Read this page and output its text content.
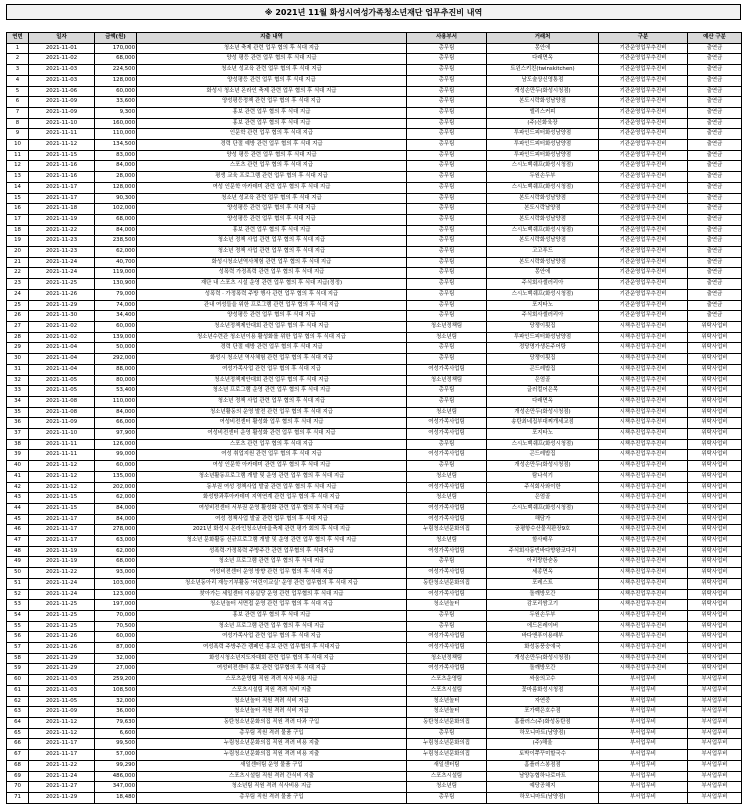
※ 2021년 11월 화성시여성가족청소년재단 업무추진비 내역
연번	일자	금액(원)	지출 내역	사용부서	거래처	구분	예산 구분
1	2021-11-01	170,000	청소년 축제 관련 업무 협의 후 식대 지급	총무팀	몽안에	기관운영업무추진비	출연금
2	2021-11-02	68,000	양성 평등 관련 업무 협의 후 식대 지급	총무팀	다래면옥	기관운영업무추진비	출연금
3	2021-11-03	224,500	청소년 성교육 관련 업무 협의 후 식대 지급	총무팀	트윈스키친(twinskitchen)	기관운영업무추진비	출연금
4	2021-11-03	128,000	양성평등 관련 업무 협의 후 식대 지급	총무팀	남도술상신영통점	기관운영업무추진비	출연금
5	2021-11-06	60,000	화성시 청소년 온라인 축제 관련 업무 협의 후 식대 지급	총무팀	개성손만두(화성시청점)	기관운영업무추진비	출연금
6	2021-11-09	33,600	양성평등정책 관련 업무 협의 후 식대 지급	총무팀	본도시락화성남양점	기관운영업무추진비	출연금
7	2021-11-09	9,300	홍보 관련 업무 협의 후 식대 지급	총무팀	엘리스커피	기관운영업무추진비	출연금
8	2021-11-10	160,000	홍보 관련 업무 협의 후 식대 지급	총무팀	(주)신화육장	기관운영업무추진비	출연금
9	2021-11-11	110,000	인문학 관련 업무 협의 후 식대 지급	총무팀	투파인드피터화성남양점	기관운영업무추진비	출연금
10	2021-11-12	134,500	경력 단절 예방 관련 업무 협의 후 식대 지급	총무팀	투파인드피터화성남양점	기관운영업무추진비	출연금
11	2021-11-15	83,000	양성 평등 관련 업무 협의 후 식대 지급	총무팀	투파인드피터화성남양점	기관운영업무추진비	출연금
12	2021-11-16	84,000	스포츠 관련 업무 협의 후 식대 지급	총무팀	스시노백쉐프(화성시청점)	기관운영업무추진비	출연금
13	2021-11-16	28,000	평생 교육 프로그램 관련 업무 협의 후 식대 지급	총무팀	두원손두부	기관운영업무추진비	출연금
14	2021-11-17	128,000	여성 인문학 아카데미 관련 업무 협의 후 식대 지급	총무팀	스시노백쉐프(화성시청점)	기관운영업무추진비	출연금
15	2021-11-17	90,300	청소년 성교육 관련 업무 협의 후 식대 지급	총무팀	본도시락화성남양점	기관운영업무추진비	출연금
16	2021-11-18	102,000	양성평등 관련 업무 협의 후 식대 지급	총무팀	본도시락남양점	기관운영업무추진비	출연금
17	2021-11-19	68,000	양성평등 관련 업무 협의 후 식대 지급	총무팀	본도시락화성남양점	기관운영업무추진비	출연금
18	2021-11-22	84,000	홍보 관련 업무 협의 후 식대 지급	총무팀	스시노백쉐프(화성시청점)	기관운영업무추진비	출연금
19	2021-11-23	238,500	청소년 정책 사업 관련 업무 협의 후 식대 지급	총무팀	본도시락화성남양점	기관운영업무추진비	출연금
20	2021-11-23	62,000	청소년 정책 사업 관련 업무 협의 후 식대 지급	총무팀	고고푸드	기관운영업무추진비	출연금
21	2021-11-24	40,700	화성시청소년역사체험 관련 업무 협의 후 식대 지급	총무팀	본도시락화성남양점	기관운영업무추진비	출연금
22	2021-11-24	119,000	성폭력 가정폭력 관련 업무 협의 후 식대 지급	총무팀	몽안에	기관운영업무추진비	출연금
23	2021-11-25	130,900	재단 내 스포츠 시설 운영 관련 업무 협의 후 식대 지급(정정)	총무팀	주식회사셀러리아	기관운영업무추진비	출연금
24	2021-11-26	79,000	성폭력 · 가정폭력 주방 행사 관련 업무 협의 후 식대 지급	총무팀	스시노백쉐프(화성시청점)	기관운영업무추진비	출연금
25	2021-11-29	74,000	관내 여성들을 위한 프로그램 관련 업무 협의 후 식대 지급	총무팀	포지타노	기관운영업무추진비	출연금
26	2021-11-30	34,400	양성평등 관련 업무 협의 후 식대 지급	총무팀	주식회사셀러리아	기관운영업무추진비	출연금
27	2021-11-02	60,000	청소년정책제안대회 관련 업무 협의 후 식대 지급	청소년정책팀	당쟁이횟집	시책추진업무추진비	위탁사업비
28	2021-11-02	139,000	청소년수련관 청소년이용 활성화를 위한 업무 협의 후 식대 지급	청소년팀	투파인드피터화성남양점	시책추진업무추진비	위탁사업비
29	2021-11-04	50,000	경력 단절 예방 관련 업무 협의 후 식대 지급	총무팀	정당명가생돈주어탕	시책추진업무추진비	위탁사업비
30	2021-11-04	292,000	화성시 청소년 역사체험 관련 업무 협의 후 식대 지급	총무팀	당쟁이횟집	시책추진업무추진비	위탁사업비
31	2021-11-04	88,000	여성가족사업 관련 업무 협의 후 식대 지급	여성가족사업팀	곤드레밥집	시책추진업무추진비	위탁사업비
32	2021-11-05	80,000	청소년정책제안대회 관련 업무 협의 후 식대 지급	청소년정책팀	은엄골	시책추진업무추진비	위탁사업비
33	2021-11-05	53,400	청소년 프로그램 운영 관련 업무 협의 후 식대 지급	총무팀	글러컬어은목	시책추진업무추진비	위탁사업비
34	2021-11-08	110,000	청소년 정책 사업 관련 업무 협의 후 식대 지급	총무팀	다래면옥	시책추진업무추진비	위탁사업비
35	2021-11-08	84,000	청소년활동의 운영 발전 관련 업무 협의 후 식대 지급	청소년팀	개성손만두(화성시청점)	시책추진업무추진비	위탁사업비
36	2021-11-09	66,000	여성비전센터 활성화 업무 협의 후 식대 지급	여성가족사업팀	송탄최네집부대찌개세교점	시책추진업무추진비	위탁사업비
37	2021-11-10	97,900	여성비전센터 운영 활성화 관련 업무 협의 후 식대 지급	여성가족사업팀	포지타노	시책추진업무추진비	위탁사업비
38	2021-11-11	126,000	스포츠 관련 업무 협의 후 식대 지급	총무팀	스시노백쉐프(화성시청점)	시책추진업무추진비	위탁사업비
39	2021-11-11	99,000	여성 취업지원 관련 업무 협의 후 식대 지급	여성가족사업팀	곤드레밥집	시책추진업무추진비	위탁사업비
40	2021-11-12	60,000	여성 인문학 아카데미 관련 업무 협의 후 식대 지급	총무팀	개성손만두(화성시청점)	시책추진업무추진비	위탁사업비
41	2021-11-12	135,000	청소년활동프로그램 개발 및 운영 관련 업무 협의 후 식대 지급	청소년팀	탐나석기	시책추진업무추진비	위탁사업비
42	2021-11-12	202,000	동부권 여성 정책사업 발굴 관련 업무 협의 후 식대 지급	여성가족사업팀	주식회사와이한	시책추진업무추진비	위탁사업비
43	2021-11-15	62,000	화성방과후아카데미 지역연계 관련 업무 협의 후 식대 지급	청소년팀	은엄골	시책추진업무추진비	위탁사업비
44	2021-11-15	84,000	여성비전센터 서부권 운영 활성화 관련 업무 협의 후 식대 지급	여성가족사업팀	스시노백쉐프(화성시청점)	시책추진업무추진비	위탁사업비
45	2021-11-17	84,000	여성 정책사업 발굴 관련 업무 협의 후 식대 지급	여성가족사업팀	해담가	시책추진업무추진비	위탁사업비
46	2021-11-17	278,000	2021년 화성시 온라인청소년마을축제 관련 평가 회의 후 식대 지급	누림청소년문화의집	궁평항수산물직판장9호	시책추진업무추진비	위탁사업비
47	2021-11-17	63,000	청소년 문화활동 신규프로그램 개발 및 운영 관련 업무 협의 후 식대 지급	청소년팀	함사배우	시책추진업무추진비	위탁사업비
48	2021-11-19	62,000	성폭력·가정폭력 주방주간 관련 업무협의 후 식대지급	여성가족사업팀	주식회사동빈바다향왕코다리	시책추진업무추진비	위탁사업비
49	2021-11-19	68,000	청소년 프로그램 관련 업무 협의 후 식대 지급	총무팀	아리랑한숟동	시책추진업무추진비	위탁사업비
50	2021-11-22	93,000	여성비전센터 운영 방향 관련 업무 협의 후 식대 지급	여성가족사업팀	세종면옥	시책추진업무추진비	위탁사업비
51	2021-11-24	103,000	청소년동아리 재능기부활동 '어린이교실' 운영 관련 업무협의 후 식대 지급	동탄청소년문화의집	포레스트	시책추진업무추진비	위탁사업비
52	2021-11-24	123,000	찾아가는 세일센터 이용실당 운영 관련 업무협의 후 식대 지급	여성가족사업팀	돌깨방모간	시책추진업무추진비	위탁사업비
53	2021-11-25	197,000	청소년놀터 서면접 운영 관련 업무 협의 후 식대 지급	청소년놀터	감포리쌈고기	시책추진업무추진비	위탁사업비
54	2021-11-25	70,000	홍보 관련 업무 협의 후 식대 지급	총무팀	두원손두부	시책추진업무추진비	위탁사업비
55	2021-11-25	70,500	청소년 프로그램 관련 업무 협의 후 식대 지급	총무팀	에드몬레이버	시책추진업무추진비	위탁사업비
56	2021-11-26	60,000	여성가족사업 관련 업무 협의 후 식대 지급	여성가족사업팀	바다앤푸이용래부	시책추진업무추진비	위탁사업비
57	2021-11-26	87,000	여성폭력 주방주간 캠페인 홍보 관련 업무협의 후 식대지급	여성가족사업팀	화성동풍숭얘국	시책추진업무추진비	위탁사업비
58	2021-11-29	32,000	화성시청소년지도자대회 관련 업무 협의 후 식대 지급	청소년정책팀	개성손만두(화성시청점)	시책추진업무추진비	위탁사업비
59	2021-11-29	27,000	여성비전센터 홍보 관련 업무협의 후 식대 지급	여성가족사업팀	돌깨방모간	시책추진업무추진비	위탁사업비
60	2021-11-03	259,200	스포츠운영팀 직원 격려 식사 비용 지급	스포츠운영팀	싸움의고수	부서업무비	부서업무비
61	2021-11-03	108,500	스포츠시설팀 직원 격려 식비 지출	스포츠시설팀	꽃마름화성시청점	부서업무비	부서업무비
62	2021-11-05	32,000	청소년놀터 직원 격려 식비 지급	청소년놀터	자연중	부서업무비	부서업무비
63	2021-11-09	36,000	청소년놀터 직원 격려 식비 지급	청소년놀터	포가백은호수점	부서업무비	부서업무비
64	2021-11-12	79,630	동탄청소년문화의집 직원 격려 다과 구입	동탄청소년문화의집	홈플러스(주)화성동탄점	부서업무비	부서업무비
65	2021-11-12	6,600	총무팀 직원 격려 물품 구입	총무팀	하모니마트(남양점)	부서업무비	부서업무비
66	2021-11-17	99,500	누림청소년문화의집 직원 격려 비용 지출	누림청소년문화의집	(주)해울	부서업무비	부서업무비
67	2021-11-17	57,000	누림청소년문화의집 직원 격려 비용 지출	누림청소년문화의집	토박이쭈꾸미할국수	부서업무비	부서업무비
68	2021-11-22	99,290	새일센터팀 운영 물품 구입	새일센터팀	홈플러스봉점점	부서업무비	부서업무비
69	2021-11-24	486,000	스포츠시설팀 직원 격려 간식비 지출	스포츠시설팀	남양농협하나로마트	부서업무비	부서업무비
70	2021-11-27	347,000	청소년팀 직원 격려 식사비용 지급	청소년팀	예당공해지	부서업무비	부서업무비
71	2021-11-29	18,480	총무팀 직원 격려 물품 구입	총무팀	하모니마트(남양점)	부서업무비	부서업무비
